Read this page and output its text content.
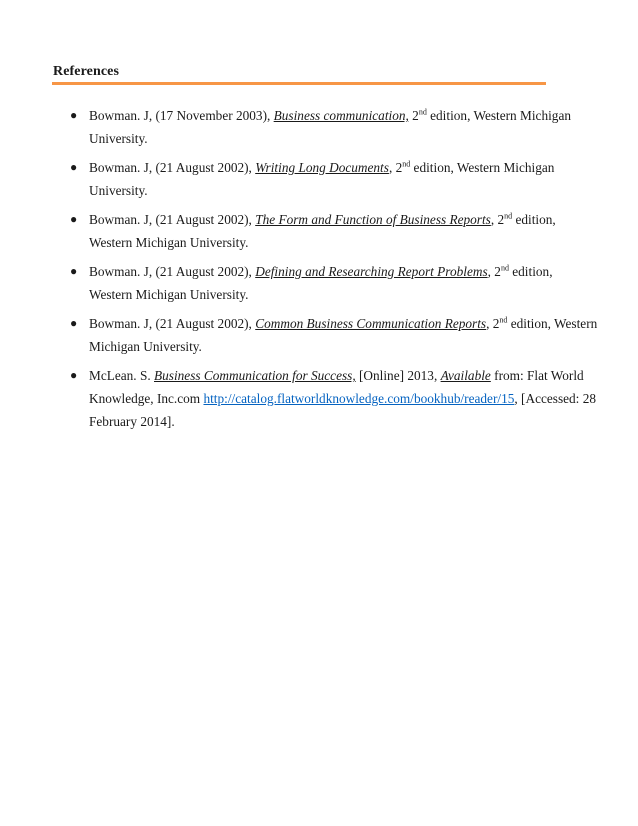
References
● Bowman. J, (17 November 2003), Business communication, 2nd edition, Western Michigan University.
● Bowman. J, (21 August 2002), Writing Long Documents, 2nd edition, Western Michigan University.
● Bowman. J, (21 August 2002), The Form and Function of Business Reports, 2nd edition, Western Michigan University.
● Bowman. J, (21 August 2002), Defining and Researching Report Problems, 2nd edition, Western Michigan University.
● Bowman. J, (21 August 2002), Common Business Communication Reports, 2nd edition, Western Michigan University.
● McLean. S. Business Communication for Success, [Online] 2013, Available from: Flat World Knowledge, Inc.com http://catalog.flatworldknowledge.com/bookhub/reader/15, [Accessed: 28 February 2014].
